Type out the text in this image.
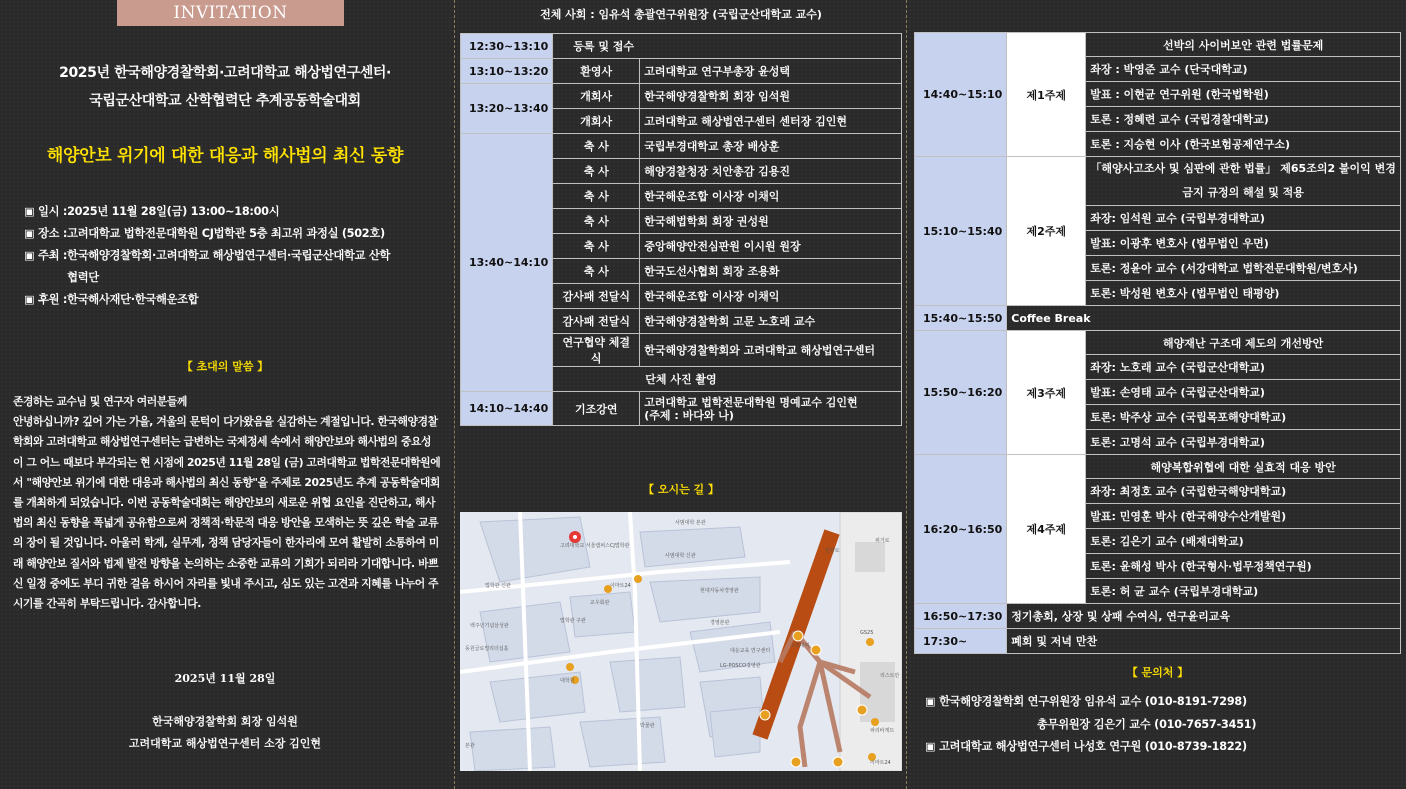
INVITATION
2025년 한국해양경찰학회·고려대학교 해상법연구센터·
국립군산대학교 산학협력단 추계공동학술대회
해양안보 위기에 대한 대응과 해사법의 최신 동향
▣ 일시 : 2025년 11월 28일(금) 13:00~18:00시
▣ 장소 : 고려대학교 법학전문대학원 CJ법학관 5층 최고위 과정실 (502호)
▣ 주최 : 한국해양경찰학회·고려대학교 해상법연구센터·국립군산대학교 산학협력단
▣ 후원 : 한국해사재단·한국해운조합
【 초대의 말씀 】

존경하는 교수님 및 연구자 여러분들께

안녕하십니까? 깊어 가는 가을, 겨울의 문턱이 다가왔음을 실감하는 계절입니다. 한국해양경찰학회와 고려대학교 해상법연구센터는 급변하는 국제정세 속에서 해양안보와 해사법의 중요성이 그 어느 때보다 부각되는 현 시점에 2025년 11월 28일 (금) 고려대학교 법학전문대학원에서 "해양안보 위기에 대한 대응과 해사법의 최신 동향"을 주제로 2025년도 추계 공동학술대회를 개최하게 되었습니다. 이번 공동학술대회는 해양안보의 새로운 위협 요인을 진단하고, 해사법의 최신 동향을 폭넓게 공유함으로써 정책적·학문적 대응 방안을 모색하는 뜻 깊은 학술 교류의 장이 될 것입니다. 아울러 학계, 실무계, 정책 담당자들이 한자리에 모여 활발히 소통하여 미래 해양안보 질서와 법제 발전 방향을 논의하는 소중한 교류의 기회가 되리라 기대합니다. 바쁘신 일정 중에도 부디 귀한 걸음 하시어 자리를 빛내 주시고, 심도 있는 고견과 지혜를 나누어 주시기를 간곡히 부탁드립니다. 감사합니다.

2025년 11월 28일
한국해양경찰학회 회장 임석원
고려대학교 해상법연구센터 소장 김인현
전체 사회 : 임유석 총괄연구위원장 (국립군산대학교 교수)
12:30~13:10	등록 및 접수	
13:10~13:20	환영사	고려대학교 연구부총장 윤성택

13:20~13:40	개회사	한국해양경찰학회 회장 임석원

	개회사	고려대학교 해상법연구센터 센터장 김인현

13:40~14:10	축 사	국립부경대학교 총장 배상훈

	축 사	해양경찰청장 치안총감 김용진

	축 사	한국해운조합 이사장 이채익

	축 사	한국해법학회 회장 권성원

	축 사	중앙해양안전심판원 이시원 원장

	축 사	한국도선사협회 회장 조용화

	감사패 전달식	한국해운조합 이사장 이채익

	감사패 전달식	한국해양경찰학회 고문 노호래 교수

	연구협약 체결식	한국해양경찰학회와 고려대학교 해상법연구센터

	단체 사진 촬영	
14:10~14:40	기조강연	고려대학교 법학전문대학원 명예교수 김인현
(주제 : 바다와 나)
【 오시는 길 】
사범대학 본관
고려대학교 서울캠퍼스CJ법학관
사범대학 신관
이마트24
법학관 신관
현대자동차경영관
교우회관
법학관 구관	경영본관
백주년기념삼성관
동원글로벌리더십홀
대학원
대운교육 연구센터
LG-POSCO경영관
박물관
본관
고려대역
GS25
리스트만
파리바게뜨
이마트24
위기로
안암로
14:40~15:10	제1주제	선박의 사이버보안 관련 법률문제
		좌장 : 박영준 교수 (단국대학교)
		발표 : 이현균 연구위원 (한국법학원)
		토론 : 정혜련 교수 (국립경찰대학교)
		토론 : 지승현 이사 (한국보험공제연구소)
15:10~15:40	제2주제	「해양사고조사 및 심판에 관한 법률」 제65조의2 불이익 변경 금지 규정의 해설 및 적용
		좌장: 임석원 교수 (국립부경대학교)
		발표: 이광후 변호사 (법무법인 우면)
		토론: 정윤아 교수 (서강대학교 법학전문대학원/변호사)
		토론: 박성원 변호사 (법무법인 태평양)
15:40~15:50	Coffee Break	
15:50~16:20	제3주제	해양재난 구조대 제도의 개선방안
		좌장: 노호래 교수 (국립군산대학교)
		발표: 손영태 교수 (국립군산대학교)
		토론: 박주상 교수 (국립목포해양대학교)
		토론: 고명석 교수 (국립부경대학교)
16:20~16:50	제4주제	해양복합위협에 대한 실효적 대응 방안
		좌장: 최정호 교수 (국립한국해양대학교)
		발표: 민영훈 박사 (한국해양수산개발원)
		토론: 김은기 교수 (배재대학교)
		토론: 윤해성 박사 (한국형사·법무정책연구원)
		토론: 허 균 교수 (국립부경대학교)
16:50~17:30	정기총회, 상장 및 상패 수여식, 연구윤리교육	
17:30~	폐회 및 저녁 만찬	
【 문의처 】
▣ 한국해양경찰학회 연구위원장 임유석 교수 (010-8191-7298)
총무위원장 김은기 교수 (010-7657-3451)
▣ 고려대학교 해상법연구센터 나성호 연구원 (010-8739-1822)
